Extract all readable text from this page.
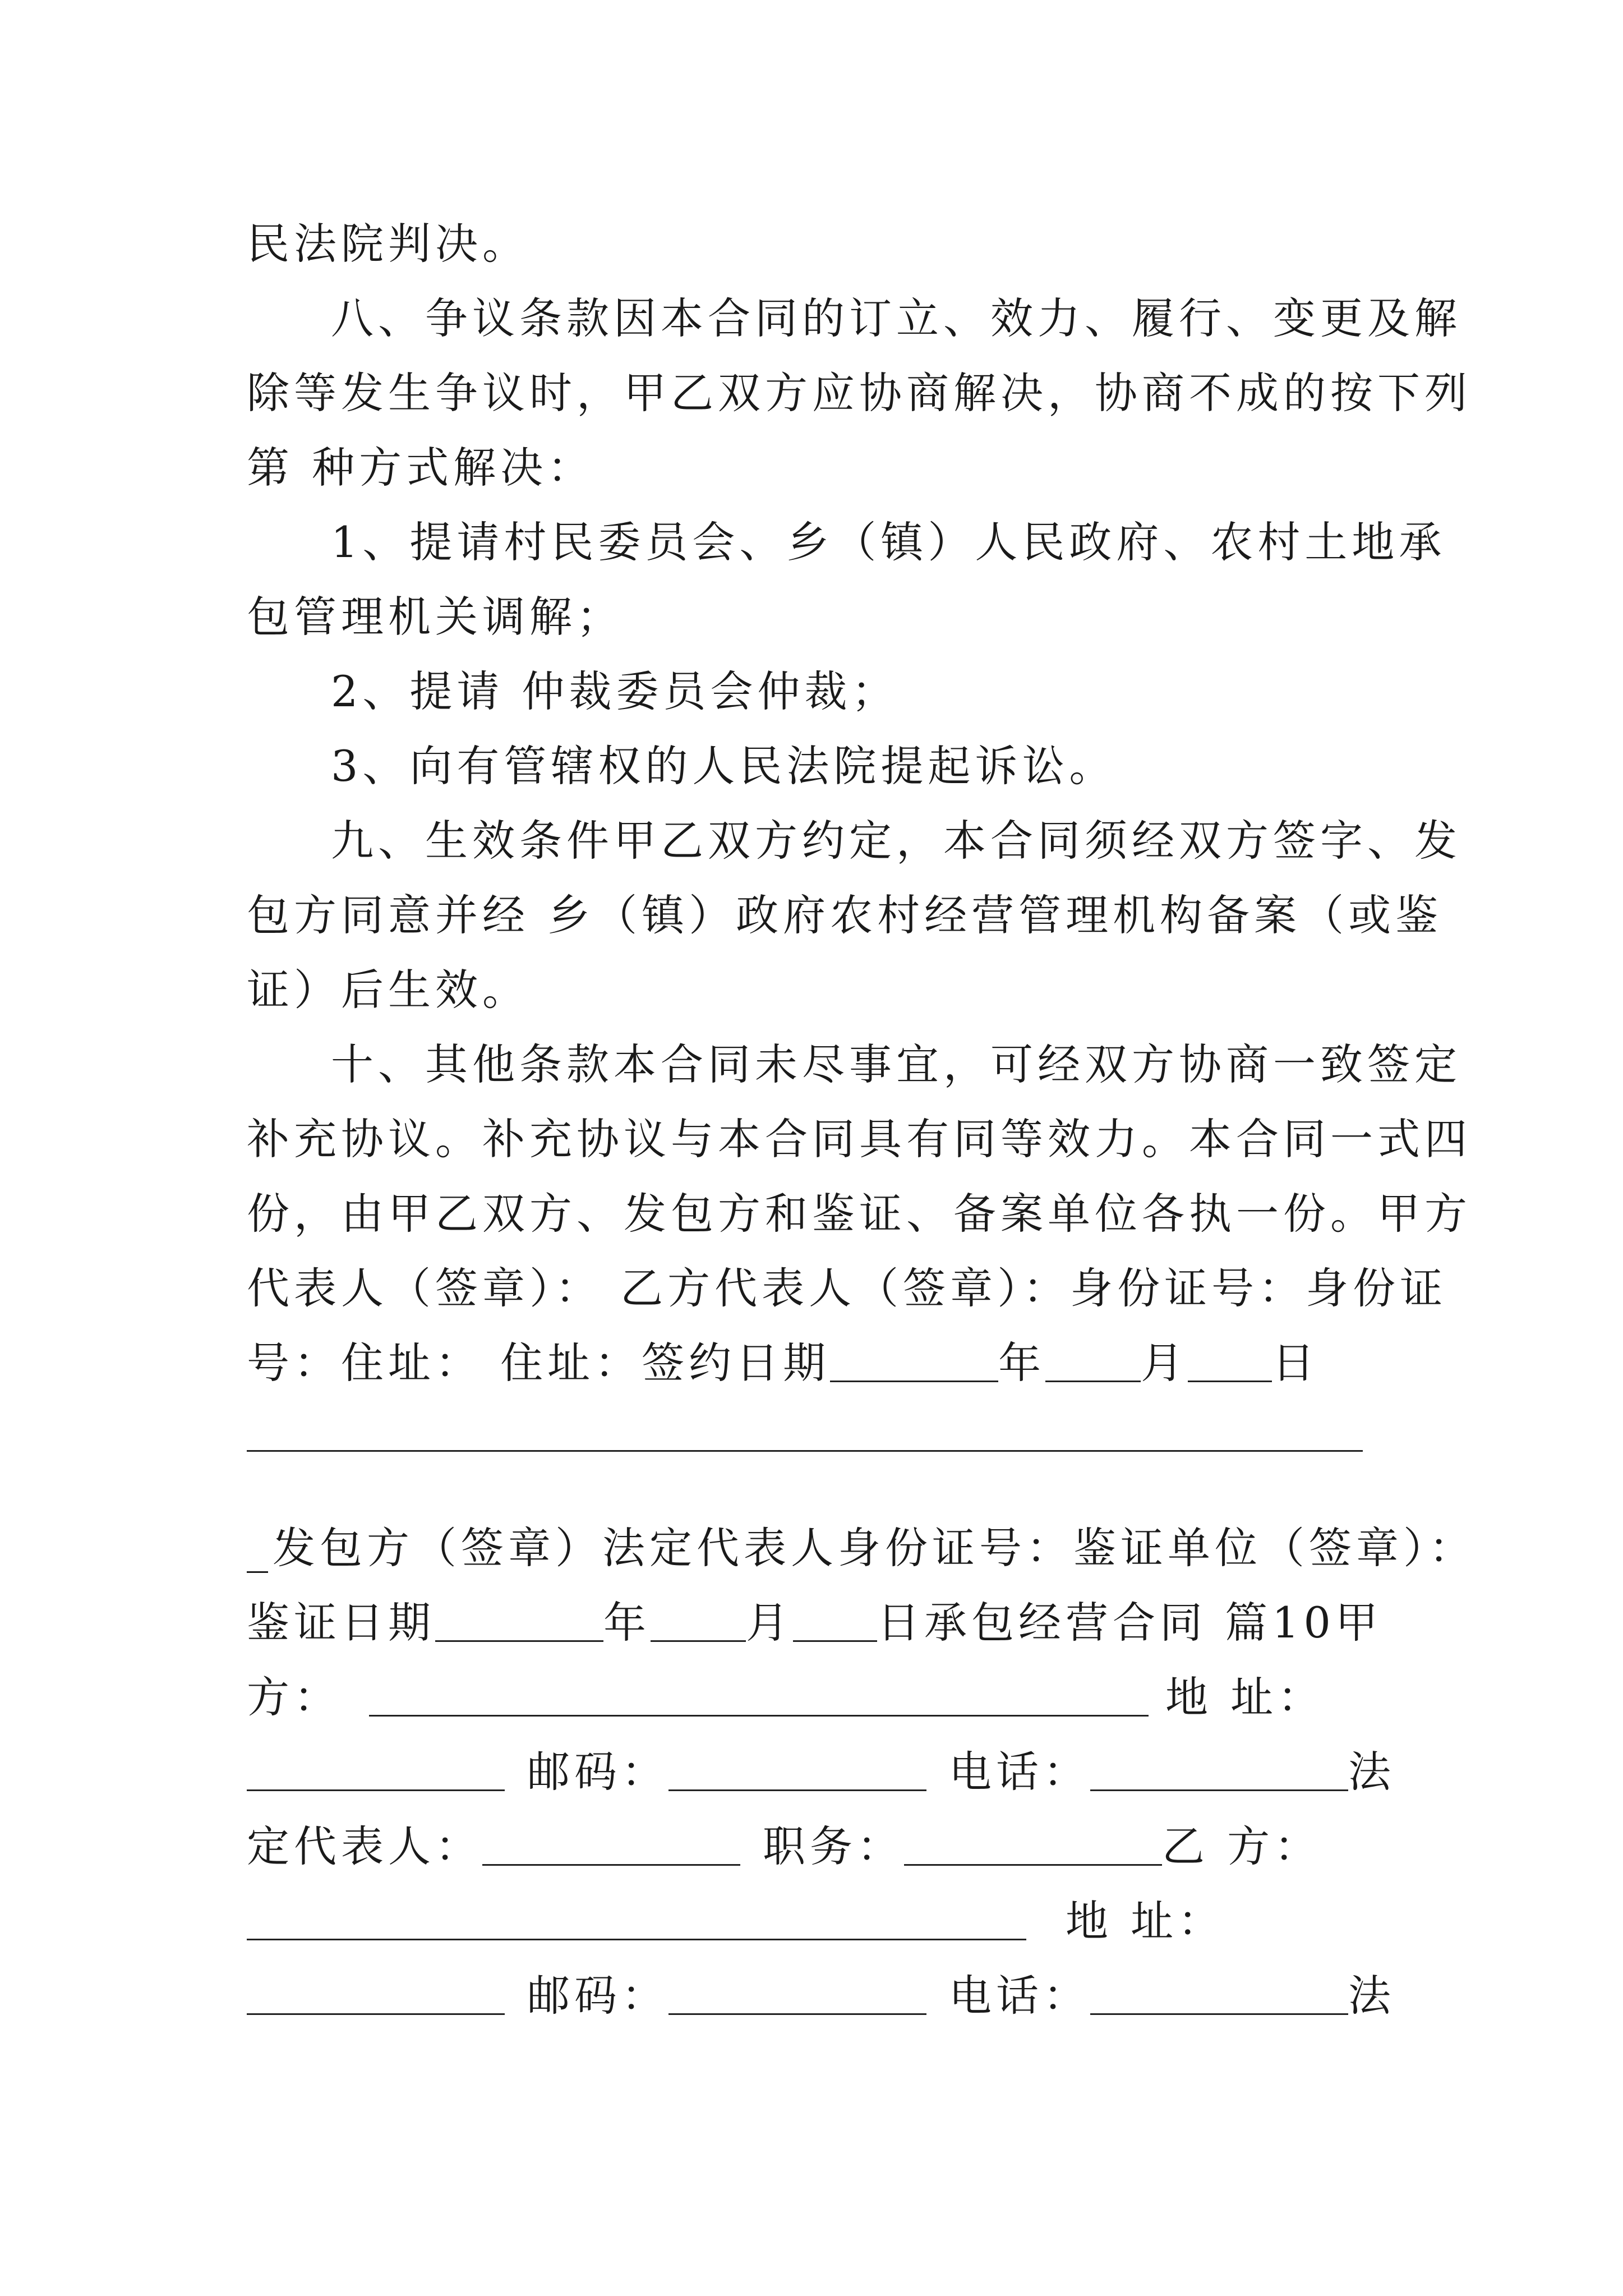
民法院判决。
八、争议条款因本合同的订立、效力、履行、变更及解
除等发生争议时，甲乙双方应协商解决，协商不成的按下列
第 种方式解决：
1、提请村民委员会、乡（镇）人民政府、农村土地承
包管理机关调解；
2、提请 仲裁委员会仲裁；
3、向有管辖权的人民法院提起诉讼。
九、生效条件甲乙双方约定，本合同须经双方签字、发
包方同意并经 乡（镇）政府农村经营管理机构备案（或鉴
证）后生效。
十、其他条款本合同未尽事宜，可经双方协商一致签定
补充协议。补充协议与本合同具有同等效力。本合同一式四
份，由甲乙双方、发包方和鉴证、备案单位各执一份。甲方
代表人（签章）： 乙方代表人（签章）：身份证号：身份证
号：住址： 住址：签约日期	年 月 日
_发包方（签章）法定代表人身份证号：鉴证单位（签章）：
鉴证日期	年 月 日承包经营合同 篇10甲
方：	地 址：
邮码：	电话：	法
定代表人：	职务：	乙 方：
地 址：
邮码：	电话：	法
